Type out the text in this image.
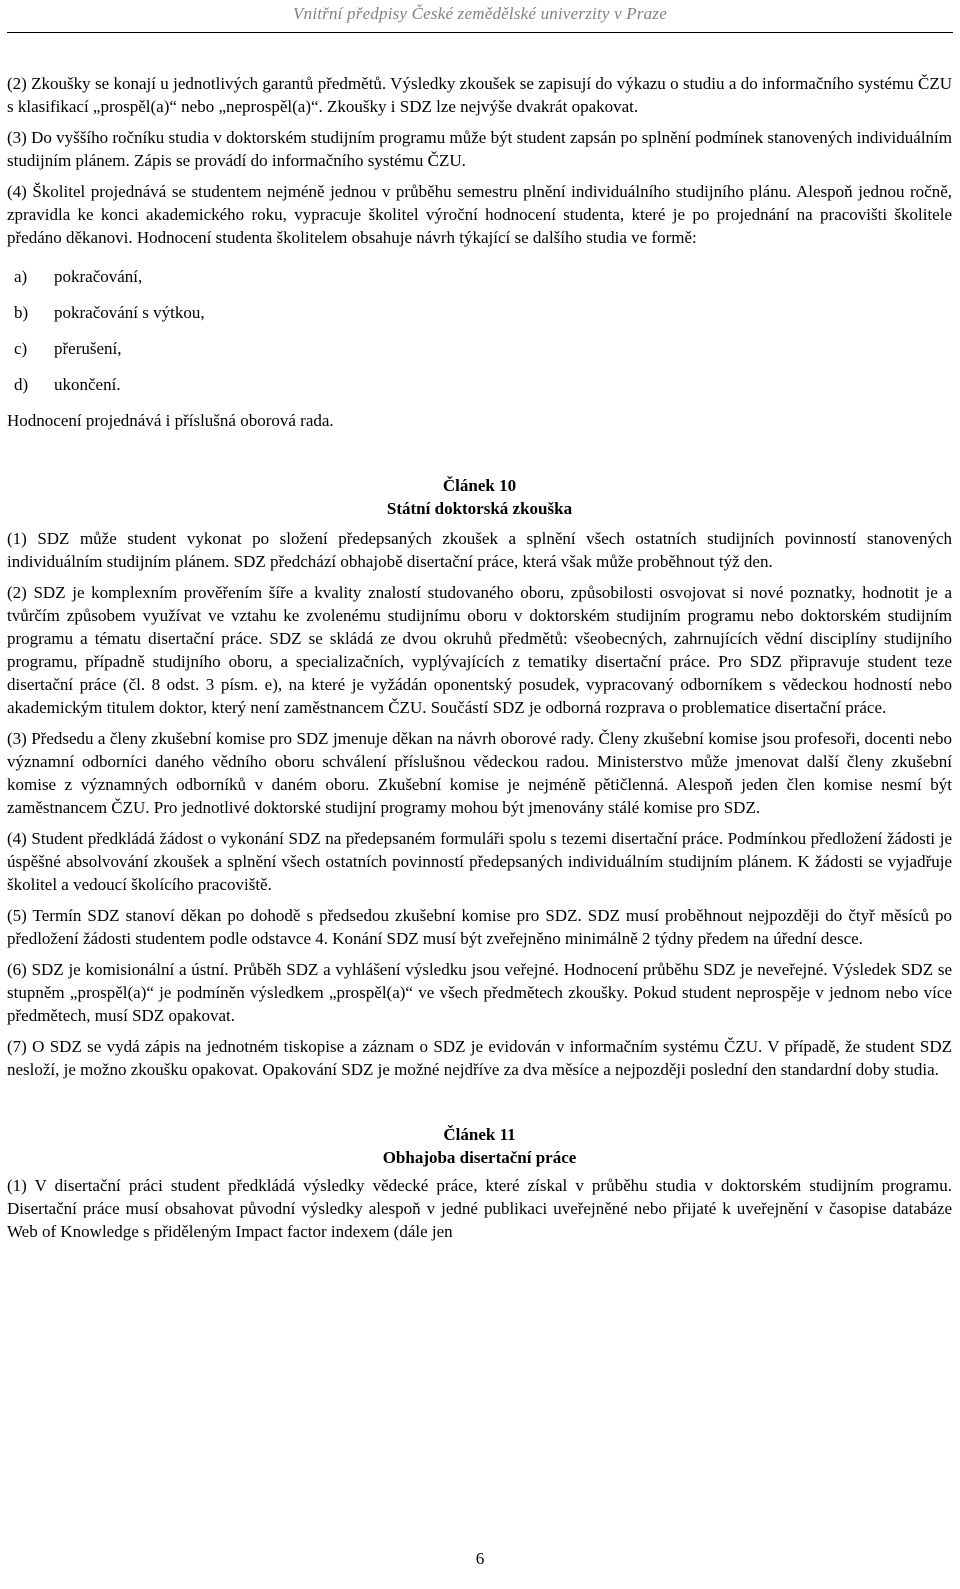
Vnitřní předpisy České zemědělské univerzity v Praze

(2) Zkoušky se konají u jednotlivých garantů předmětů. Výsledky zkoušek se zapisují do výkazu o studiu a do informačního systému ČZU s klasifikací „prospěl(a)“ nebo „neprospěl(a)“. Zkoušky i SDZ lze nejvýše dvakrát opakovat.

(3) Do vyššího ročníku studia v doktorském studijním programu může být student zapsán po splnění podmínek stanovených individuálním studijním plánem. Zápis se provádí do informačního systému ČZU.

(4) Školitel projednává se studentem nejméně jednou v průběhu semestru plnění individuálního studijního plánu. Alespoň jednou ročně, zpravidla ke konci akademického roku, vypracuje školitel výroční hodnocení studenta, které je po projednání na pracovišti školitele předáno děkanovi. Hodnocení studenta školitelem obsahuje návrh týkající se dalšího studia ve formě:

a)	pokračování,
b)	pokračování s výtkou,
c)	přerušení,
d)	ukončení.

Hodnocení projednává i příslušná oborová rada.

Článek 10

Státní doktorská zkouška

(1) SDZ může student vykonat po složení předepsaných zkoušek a splnění všech ostatních studijních povinností stanovených individuálním studijním plánem. SDZ předchází obhajobě disertační práce, která však může proběhnout týž den.

(2) SDZ je komplexním prověřením šíře a kvality znalostí studovaného oboru, způsobilosti osvojovat si nové poznatky, hodnotit je a tvůrčím způsobem využívat ve vztahu ke zvolenému studijnímu oboru v doktorském studijním programu nebo doktorském studijním programu a tématu disertační práce. SDZ se skládá ze dvou okruhů předmětů: všeobecných, zahrnujících vědní disciplíny studijního programu, případně studijního oboru, a specializačních, vyplývajících z tematiky disertační práce. Pro SDZ připravuje student teze disertační práce (čl. 8 odst. 3 písm. e), na které je vyžádán oponentský posudek, vypracovaný odborníkem s vědeckou hodností nebo akademickým titulem doktor, který není zaměstnancem ČZU. Součástí SDZ je odborná rozprava o problematice disertační práce.

(3) Předsedu a členy zkušební komise pro SDZ jmenuje děkan na návrh oborové rady. Členy zkušební komise jsou profesoři, docenti nebo významní odborníci daného vědního oboru schválení příslušnou vědeckou radou. Ministerstvo může jmenovat další členy zkušební komise z významných odborníků v daném oboru. Zkušební komise je nejméně pětičlenná. Alespoň jeden člen komise nesmí být zaměstnancem ČZU. Pro jednotlivé doktorské studijní programy mohou být jmenovány stálé komise pro SDZ.

(4) Student předkládá žádost o vykonání SDZ na předepsaném formuláři spolu s tezemi disertační práce. Podmínkou předložení žádosti je úspěšné absolvování zkoušek a splnění všech ostatních povinností předepsaných individuálním studijním plánem. K žádosti se vyjadřuje školitel a vedoucí školícího pracoviště.

(5) Termín SDZ stanoví děkan po dohodě s předsedou zkušební komise pro SDZ. SDZ musí proběhnout nejpozději do čtyř měsíců po předložení žádosti studentem podle odstavce 4. Konání SDZ musí být zveřejněno minimálně 2 týdny předem na úřední desce.

(6) SDZ je komisionální a ústní. Průběh SDZ a vyhlášení výsledku jsou veřejné. Hodnocení průběhu SDZ je neveřejné. Výsledek SDZ se stupněm „prospěl(a)“ je podmíněn výsledkem „prospěl(a)“ ve všech předmětech zkoušky. Pokud student neprospěje v jednom nebo více předmětech, musí SDZ opakovat.

(7) O SDZ se vydá zápis na jednotném tiskopise a záznam o SDZ je evidován v informačním systému ČZU. V případě, že student SDZ nesloží, je možno zkoušku opakovat. Opakování SDZ je možné nejdříve za dva měsíce a nejpozději poslední den standardní doby studia.

Článek 11

Obhajoba disertační práce

(1) V disertační práci student předkládá výsledky vědecké práce, které získal v průběhu studia v doktorském studijním programu. Disertační práce musí obsahovat původní výsledky alespoň v jedné publikaci uveřejněné nebo přijaté k uveřejnění v časopise databáze Web of Knowledge s přiděleným Impact factor indexem (dále jen

6
